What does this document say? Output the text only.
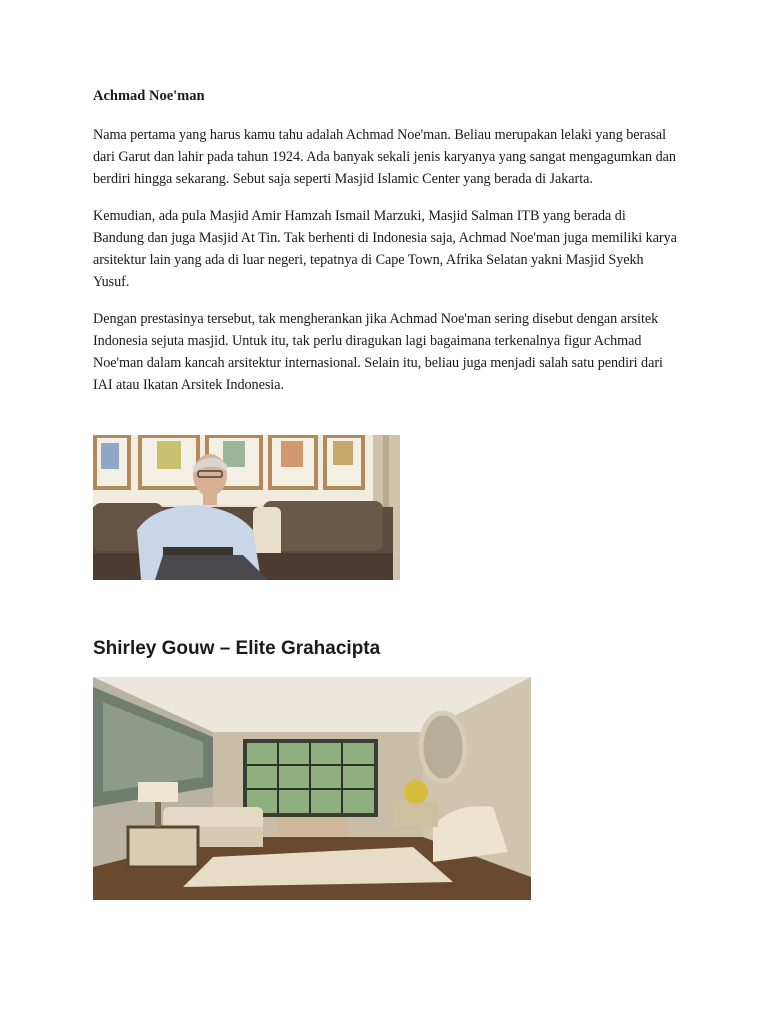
Achmad Noe'man

Nama pertama yang harus kamu tahu adalah Achmad Noe'man. Beliau merupakan lelaki yang berasal dari Garut dan lahir pada tahun 1924. Ada banyak sekali jenis karyanya yang sangat mengagumkan dan berdiri hingga sekarang. Sebut saja seperti Masjid Islamic Center yang berada di Jakarta.

Kemudian, ada pula Masjid Amir Hamzah Ismail Marzuki, Masjid Salman ITB yang berada di Bandung dan juga Masjid At Tin. Tak berhenti di Indonesia saja, Achmad Noe'man juga memiliki karya arsitektur lain yang ada di luar negeri, tepatnya di Cape Town, Afrika Selatan yakni Masjid Syekh Yusuf.

Dengan prestasinya tersebut, tak mengherankan jika Achmad Noe'man sering disebut dengan arsitek Indonesia sejuta masjid. Untuk itu, tak perlu diragukan lagi bagaimana terkenalnya figur Achmad Noe'man dalam kancah arsitektur internasional. Selain itu, beliau juga menjadi salah satu pendiri dari IAI atau Ikatan Arsitek Indonesia.

Shirley Gouw – Elite Grahacipta
